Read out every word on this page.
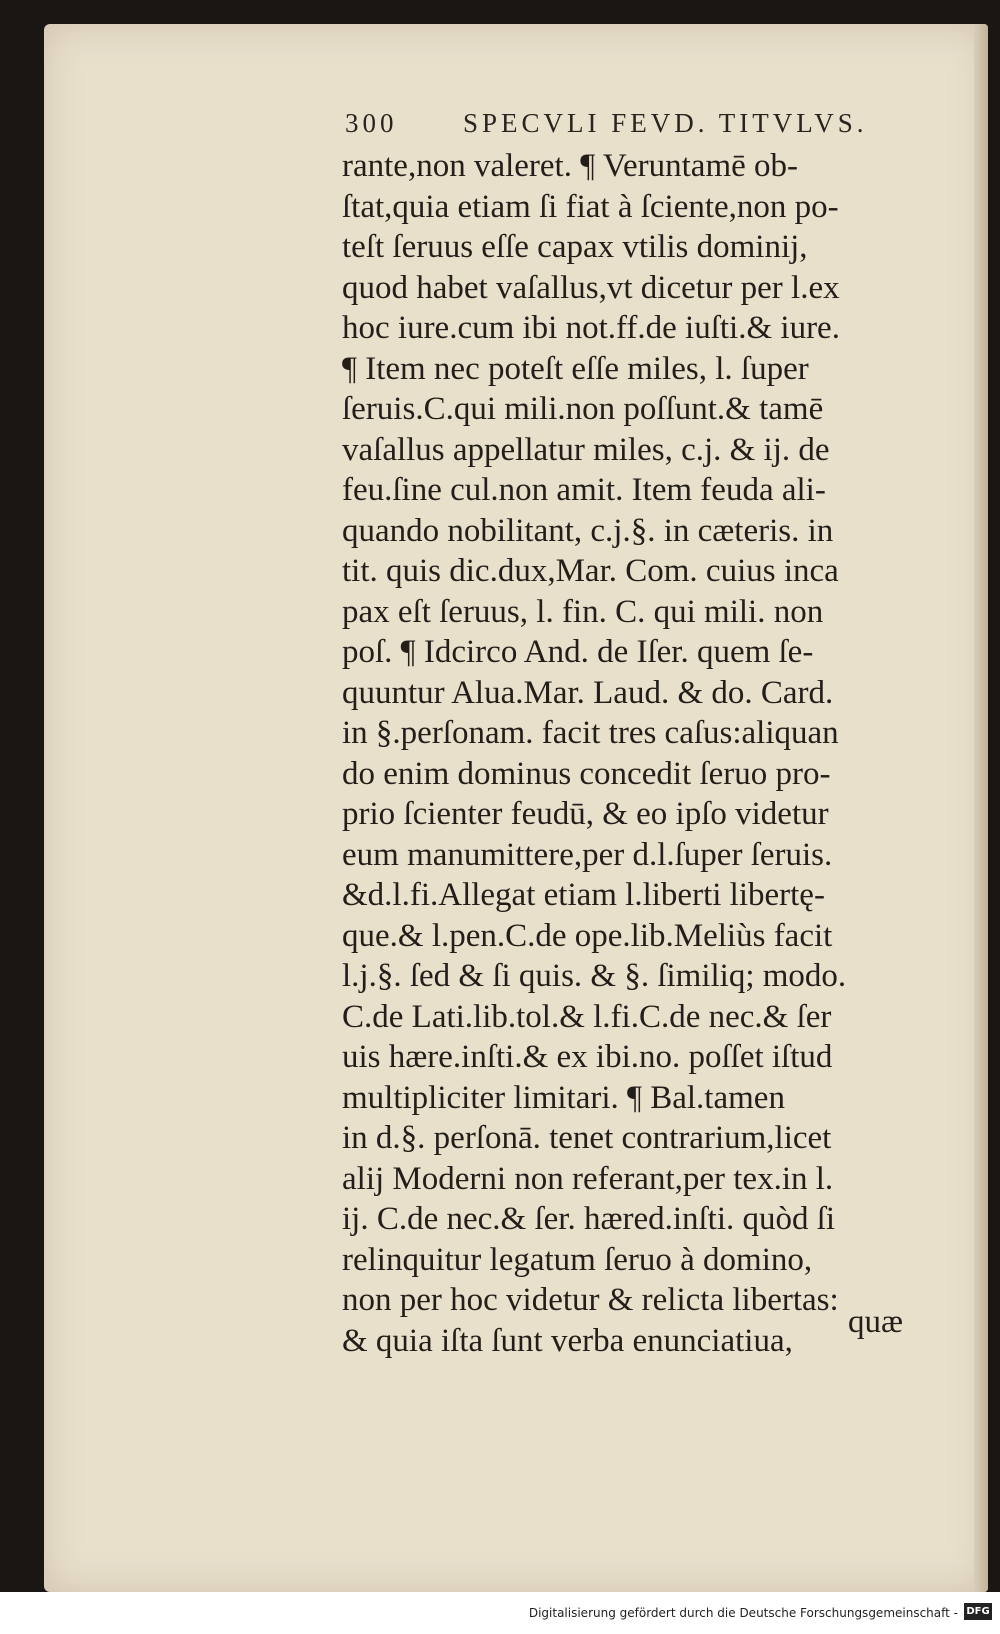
300 SPECVLI FEVD. TITVLVS.
rante,non valeret. ¶ Veruntamē ob-
ſtat,quia etiam ſi fiat à ſciente,non po-
teſt ſeruus eſſe capax vtilis dominij,
quod habet vaſallus,vt dicetur per l.ex
hoc iure.cum ibi not.ff.de iuſti.& iure.
¶ Item nec poteſt eſſe miles, l. ſuper
ſeruis.C.qui mili.non poſſunt.& tamē
vaſallus appellatur miles, c.j. & ij. de
feu.ſine cul.non amit. Item feuda ali-
quando nobilitant, c.j.§. in cæteris. in
tit. quis dic.dux,Mar. Com. cuius inca
pax eſt ſeruus, l. fin. C. qui mili. non
poſ. ¶ Idcirco And. de Iſer. quem ſe-
quuntur Alua.Mar. Laud. & do. Card.
in §.perſonam. facit tres caſus:aliquan
do enim dominus concedit ſeruo pro-
prio ſcienter feudū, & eo ipſo videtur
eum manumittere,per d.l.ſuper ſeruis.
&d.l.fi.Allegat etiam l.liberti libertę-
que.& l.pen.C.de ope.lib.Meliùs facit
l.j.§. ſed & ſi quis. & §. ſimiliq; modo.
C.de Lati.lib.tol.& l.fi.C.de nec.& ſer
uis hære.inſti.& ex ibi.no. poſſet iſtud
multipliciter limitari. ¶ Bal.tamen
in d.§. perſonā. tenet contrarium,licet
alij Moderni non referant,per tex.in l.
ij. C.de nec.& ſer. hæred.inſti. quòd ſi
relinquitur legatum ſeruo à domino,
non per hoc videtur & relicta libertas:
& quia iſta ſunt verba enunciatiua,
quæ
Digitalisierung gefördert durch die Deutsche Forschungsgemeinschaft - DFG
